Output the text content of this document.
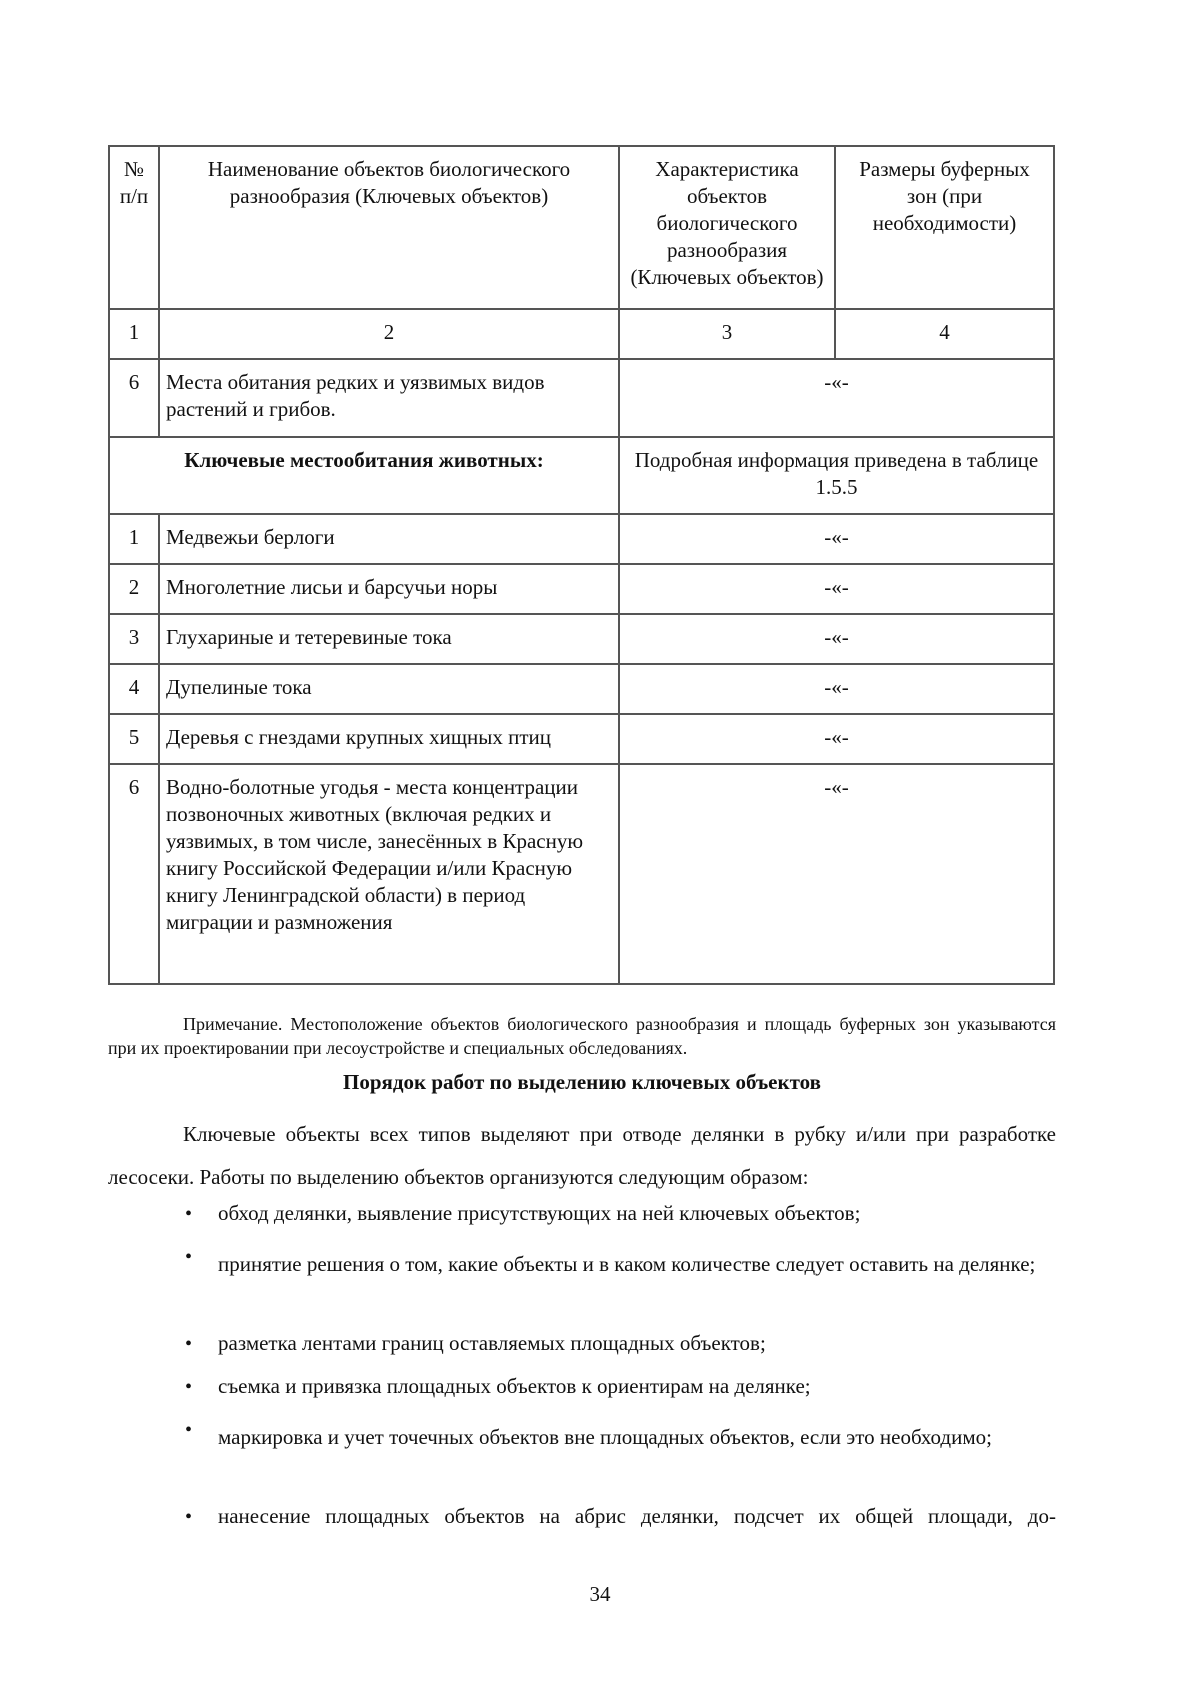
№ п/п	Наименование объектов биологического разнообразия (Ключевых объектов)	Характеристика объектов биологического разнообразия (Ключевых объектов)	Размеры буферных зон (при необходимости)
1	2	3	4
6	Места обитания редких и уязвимых видов растений и грибов.	-«-	
Ключевые местообитания животных:		Подробная информация приведена в таблице 1.5.5	
1	Медвежьи берлоги	-«-	
2	Многолетние лисьи и барсучьи норы	-«-	
3	Глухариные и тетеревиные тока	-«-	
4	Дупелиные тока	-«-	
5	Деревья с гнездами крупных хищных птиц	-«-	
6	Водно-болотные угодья - места концентрации позвоночных животных (включая редких и уязвимых, в том числе, занесённых в Красную книгу Российской Федерации и/или Красную книгу Ленинградской области) в период миграции и размножения	-«-	
Примечание. Местоположение объектов биологического разнообразия и площадь буферных зон указываются при их проектировании при лесоустройстве и специальных обследованиях.
Порядок работ по выделению ключевых объектов
Ключевые объекты всех типов выделяют при отводе делянки в рубку и/или при разработке лесосеки. Работы по выделению объектов организуются следующим образом:
• обход делянки, выявление присутствующих на ней ключевых объектов;
•	принятие решения о том, какие объекты и в каком количестве следует оставить на делянке;
• разметка лентами границ оставляемых площадных объектов;
• съемка и привязка площадных объектов к ориентирам на делянке;
•	маркировка и учет точечных объектов вне площадных объектов, если это необходимо;
• нанесение площадных объектов на абрис делянки, подсчет их общей площади, до-
34
